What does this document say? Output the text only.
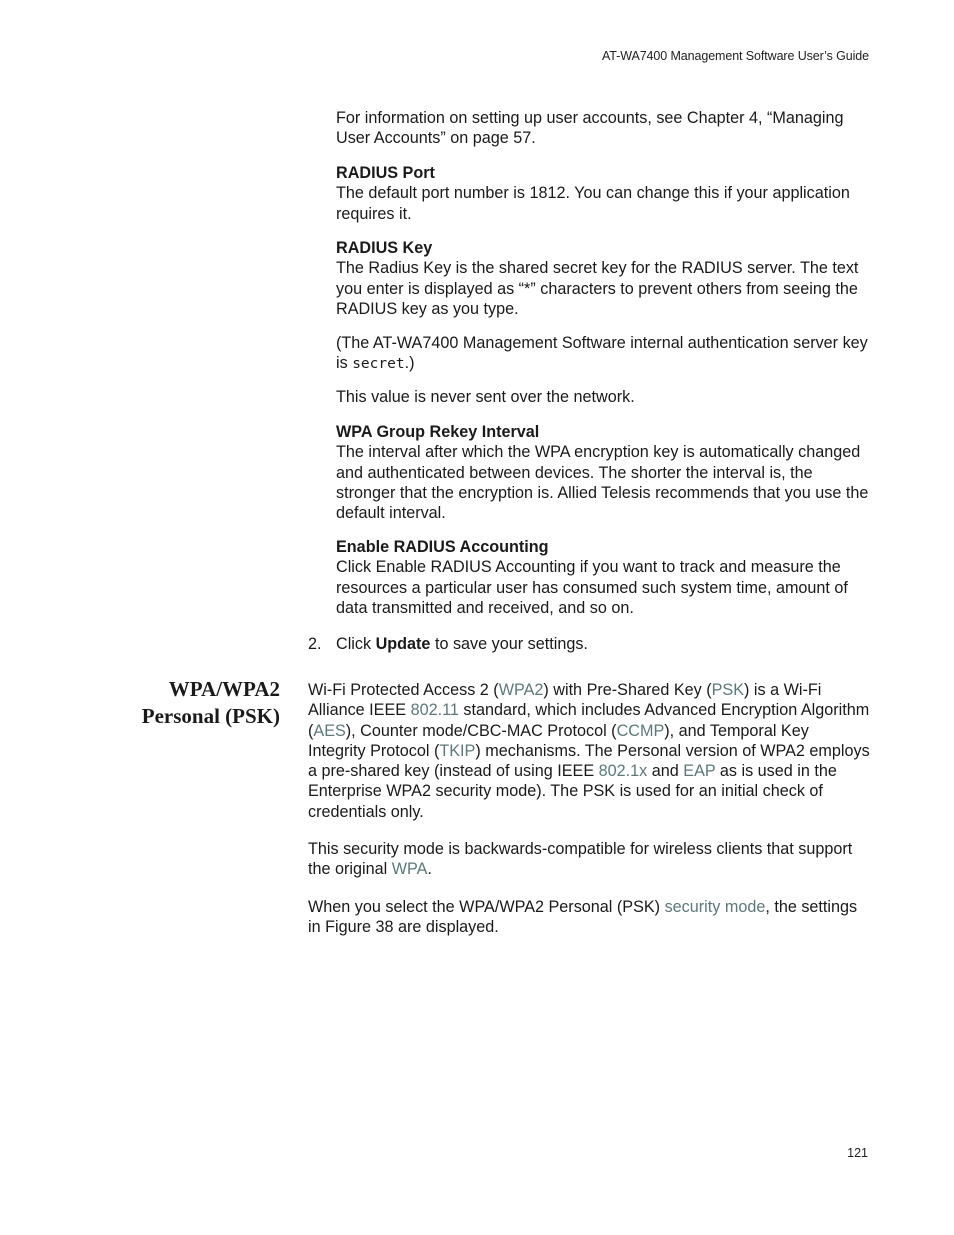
AT-WA7400 Management Software User’s Guide

For information on setting up user accounts, see Chapter 4, “Managing User Accounts” on page 57.

RADIUS Port

The default port number is 1812. You can change this if your application requires it.

RADIUS Key

The Radius Key is the shared secret key for the RADIUS server. The text you enter is displayed as “*” characters to prevent others from seeing the RADIUS key as you type.

(The AT-WA7400 Management Software internal authentication server key is secret.)

This value is never sent over the network.

WPA Group Rekey Interval

The interval after which the WPA encryption key is automatically changed and authenticated between devices. The shorter the interval is, the stronger that the encryption is. Allied Telesis recommends that you use the default interval.

Enable RADIUS Accounting

Click Enable RADIUS Accounting if you want to track and measure the resources a particular user has consumed such system time, amount of data transmitted and received, and so on.

2. Click Update to save your settings.
WPA/WPA2
Personal (PSK)

Wi-Fi Protected Access 2 (WPA2) with Pre-Shared Key (PSK) is a Wi-Fi Alliance IEEE 802.11 standard, which includes Advanced Encryption Algorithm (AES), Counter mode/CBC-MAC Protocol (CCMP), and Temporal Key Integrity Protocol (TKIP) mechanisms. The Personal version of WPA2 employs a pre-shared key (instead of using IEEE 802.1x and EAP as is used in the Enterprise WPA2 security mode). The PSK is used for an initial check of credentials only.

This security mode is backwards-compatible for wireless clients that support the original WPA.

When you select the WPA/WPA2 Personal (PSK) security mode, the settings in Figure 38 are displayed.

121
